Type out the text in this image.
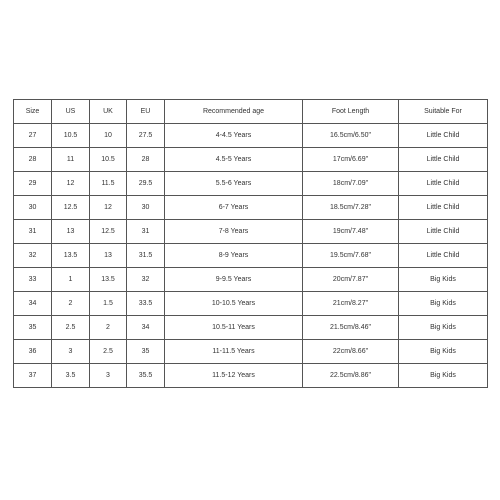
Size	US	UK	EU	Recommended age	Foot Length	Suitable For
27	10.5	10	27.5	4-4.5 Years	16.5cm/6.50"	Little Child
28	11	10.5	28	4.5-5 Years	17cm/6.69"	Little Child
29	12	11.5	29.5	5.5-6 Years	18cm/7.09"	Little Child
30	12.5	12	30	6-7 Years	18.5cm/7.28"	Little Child
31	13	12.5	31	7-8 Years	19cm/7.48"	Little Child
32	13.5	13	31.5	8-9 Years	19.5cm/7.68"	Little Child
33	1	13.5	32	9-9.5 Years	20cm/7.87"	Big Kids
34	2	1.5	33.5	10-10.5 Years	21cm/8.27"	Big Kids
35	2.5	2	34	10.5-11 Years	21.5cm/8.46"	Big Kids
36	3	2.5	35	11-11.5 Years	22cm/8.66"	Big Kids
37	3.5	3	35.5	11.5-12 Years	22.5cm/8.86"	Big Kids
